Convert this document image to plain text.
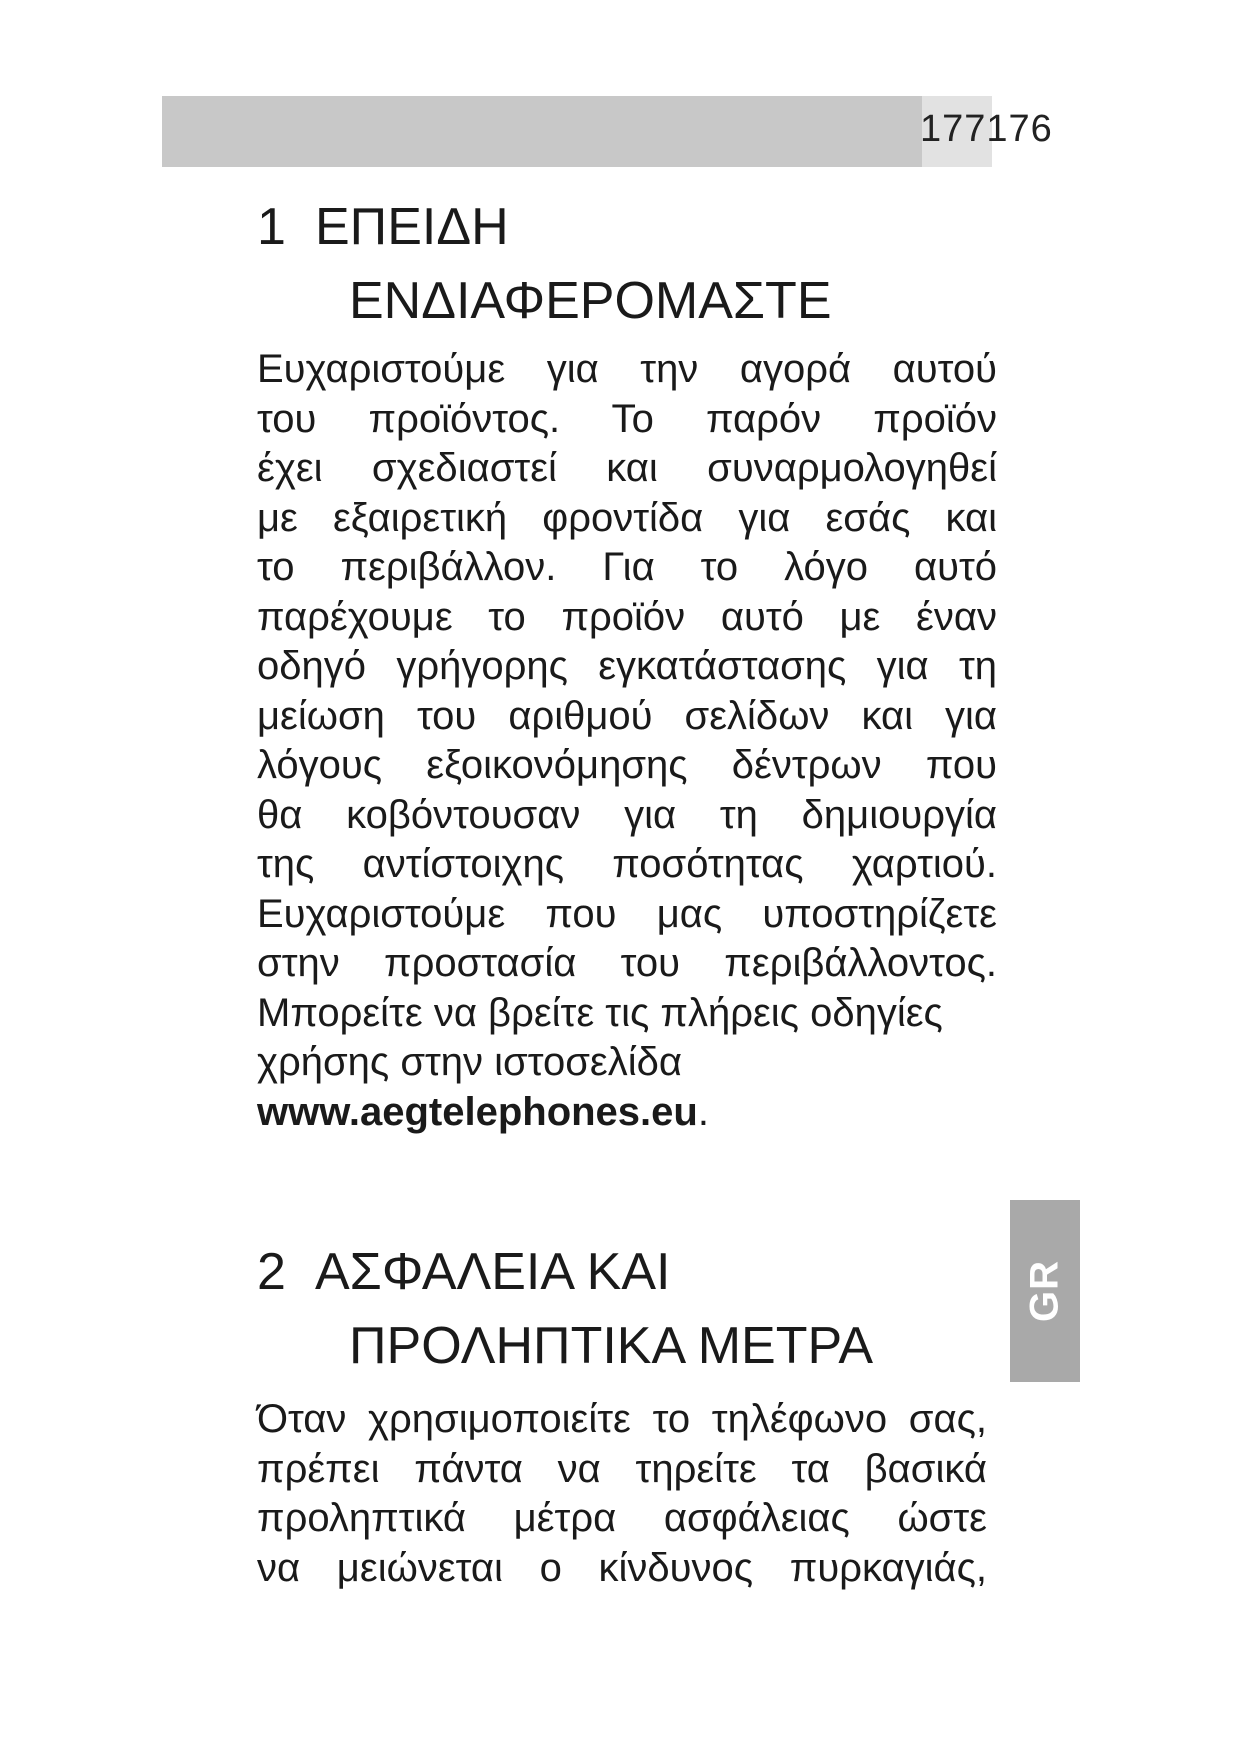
177176
1 ΕΠΕΙΔΗ
ΕΝΔΙΑΦΕΡΟΜΑΣΤΕ
Ευχαριστούμε για την αγορά αυτού
του προϊόντος. Το παρόν προϊόν
έχει σχεδιαστεί και συναρμολογηθεί
με εξαιρετική φροντίδα για εσάς και
το περιβάλλον. Για το λόγο αυτό
παρέχουμε το προϊόν αυτό με έναν
οδηγό γρήγορης εγκατάστασης για τη
μείωση του αριθμού σελίδων και για
λόγους εξοικονόμησης δέντρων που
θα κοβόντουσαν για τη δημιουργία
της αντίστοιχης ποσότητας χαρτιού.
Ευχαριστούμε που μας υποστηρίζετε
στην προστασία του περιβάλλοντος.
Μπορείτε να βρείτε τις πλήρεις οδηγίες
χρήσης στην ιστοσελίδα
www.aegtelephones.eu.
2 ΑΣΦΑΛΕΙΑ ΚΑΙ
ΠΡΟΛΗΠΤΙΚΑ ΜΕΤΡΑ
Όταν χρησιμοποιείτε το τηλέφωνο σας,
πρέπει πάντα να τηρείτε τα βασικά
προληπτικά μέτρα ασφάλειας ώστε
να μειώνεται ο κίνδυνος πυρκαγιάς,
GR
